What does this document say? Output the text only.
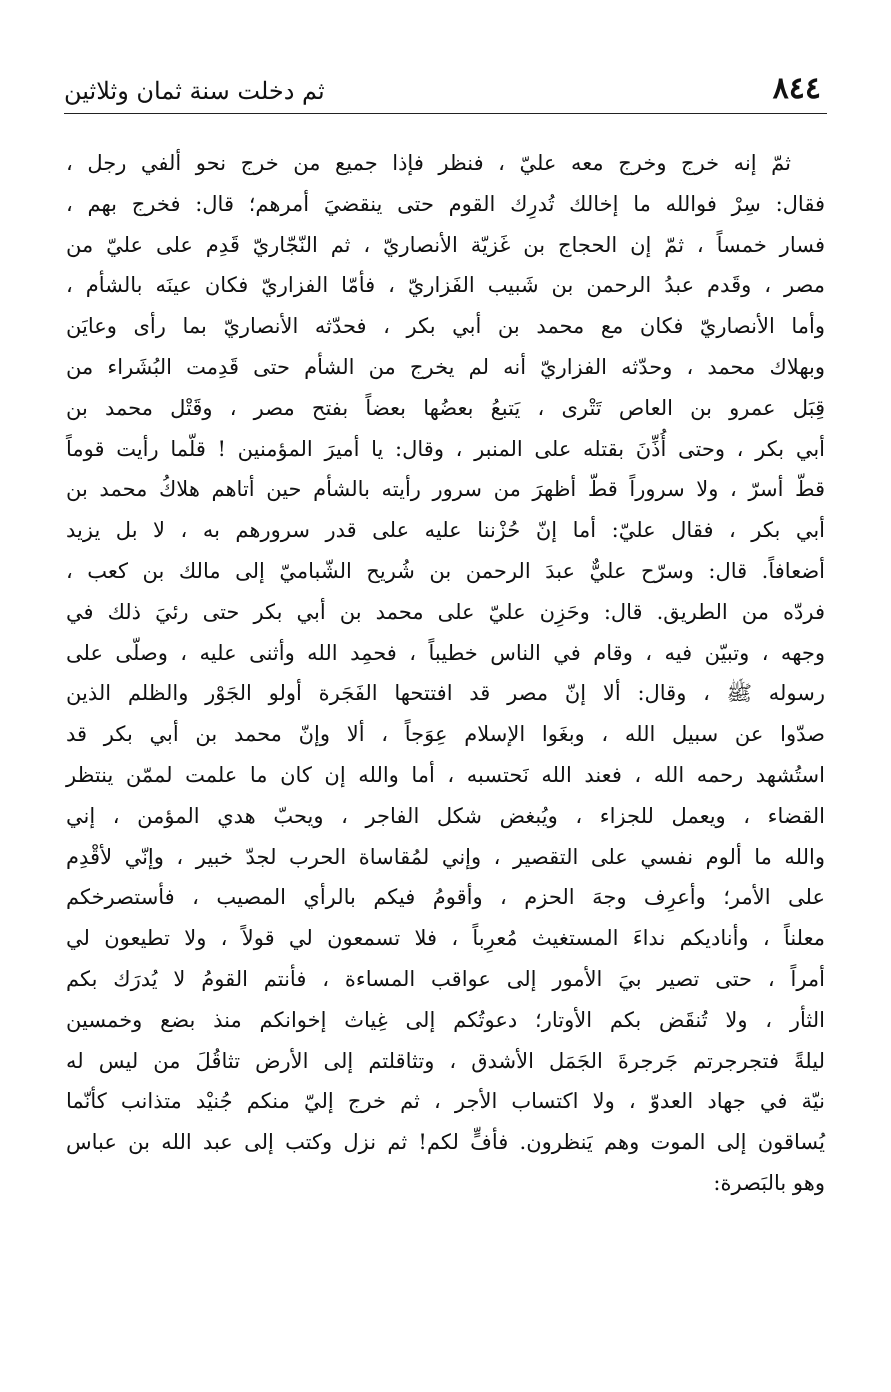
٨٤٤
ثم دخلت سنة ثمان وثلاثين
ثمّ إنه خرج وخرج معه عليّ ، فنظر فإذا جميع من خرج نحو ألفي رجل ،
فقال: سِرْ فوالله ما إخالك تُدرِك القوم حتى ينقضيَ أمرهم؛ قال: فخرج بهم ،
فسار خمساً ، ثمّ إن الحجاج بن غَزيّة الأنصاريّ ، ثم النّجّاريّ قَدِم على عليّ من
مصر ، وقَدم عبدُ الرحمن بن شَبيب الفَزاريّ ، فأمّا الفزاريّ فكان عينَه بالشأم ،
وأما الأنصاريّ فكان مع محمد بن أبي بكر ، فحدّثه الأنصاريّ بما رأى وعايَن
وبهلاك محمد ، وحدّثه الفزاريّ أنه لم يخرج من الشأم حتى قَدِمت البُشَراء من
قِبَل عمرو بن العاص تَتْرى ، يَتبعُ بعضُها بعضاً بفتح مصر ، وقَتْل محمد بن
أبي بكر ، وحتى أُذِّنَ بقتله على المنبر ، وقال: يا أميرَ المؤمنين ! قلّما رأيت قوماً
قطّ أسرّ ، ولا سروراً قطّ أظهرَ من سرور رأيته بالشأم حين أتاهم هلاكُ محمد بن
أبي بكر ، فقال عليّ: أما إنّ حُزْننا عليه على قدر سرورهم به ، لا بل يزيد
أضعافاً. قال: وسرّح عليٌّ عبدَ الرحمن بن شُريح الشّباميّ إلى مالك بن كعب ،
فردّه من الطريق. قال: وحَزِن عليّ على محمد بن أبي بكر حتى رئيَ ذلك في
وجهه ، وتبيّن فيه ، وقام في الناس خطيباً ، فحمِد الله وأثنى عليه ، وصلّى على
رسوله ﷺ ، وقال: ألا إنّ مصر قد افتتحها الفَجَرة أولو الجَوْر والظلم الذين
صدّوا عن سبيل الله ، وبغَوا الإسلام عِوَجاً ، ألا وإنّ محمد بن أبي بكر قد
استُشهد رحمه الله ، فعند الله نَحتسبه ، أما والله إن كان ما علمت لممّن ينتظر
القضاء ، ويعمل للجزاء ، ويُبغض شكل الفاجر ، ويحبّ هدي المؤمن ، إني
والله ما ألوم نفسي على التقصير ، وإني لمُقاساة الحرب لجدّ خبير ، وإنّي لأقْدِم
على الأمر؛ وأعرِف وجهَ الحزم ، وأقومُ فيكم بالرأي المصيب ، فأستصرخكم
معلناً ، وأناديكم نداءَ المستغيث مُعرِباً ، فلا تسمعون لي قولاً ، ولا تطيعون لي
أمراً ، حتى تصير بيَ الأمور إلى عواقب المساءة ، فأنتم القومُ لا يُدرَك بكم
الثأر ، ولا تُنقَض بكم الأوتار؛ دعوتُكم إلى غِياث إخوانكم منذ بضع وخمسين
ليلةً فتجرجرتم جَرجرةَ الجَمَل الأشدق ، وتثاقلتم إلى الأرض تثاقُلَ من ليس له
نيّة في جهاد العدوّ ، ولا اكتساب الأجر ، ثم خرج إليّ منكم جُنيْد متذانب كأنّما
يُساقون إلى الموت وهم يَنظرون. فأفٍّ لكم! ثم نزل وكتب إلى عبد الله بن عباس
وهو بالبَصرة:
